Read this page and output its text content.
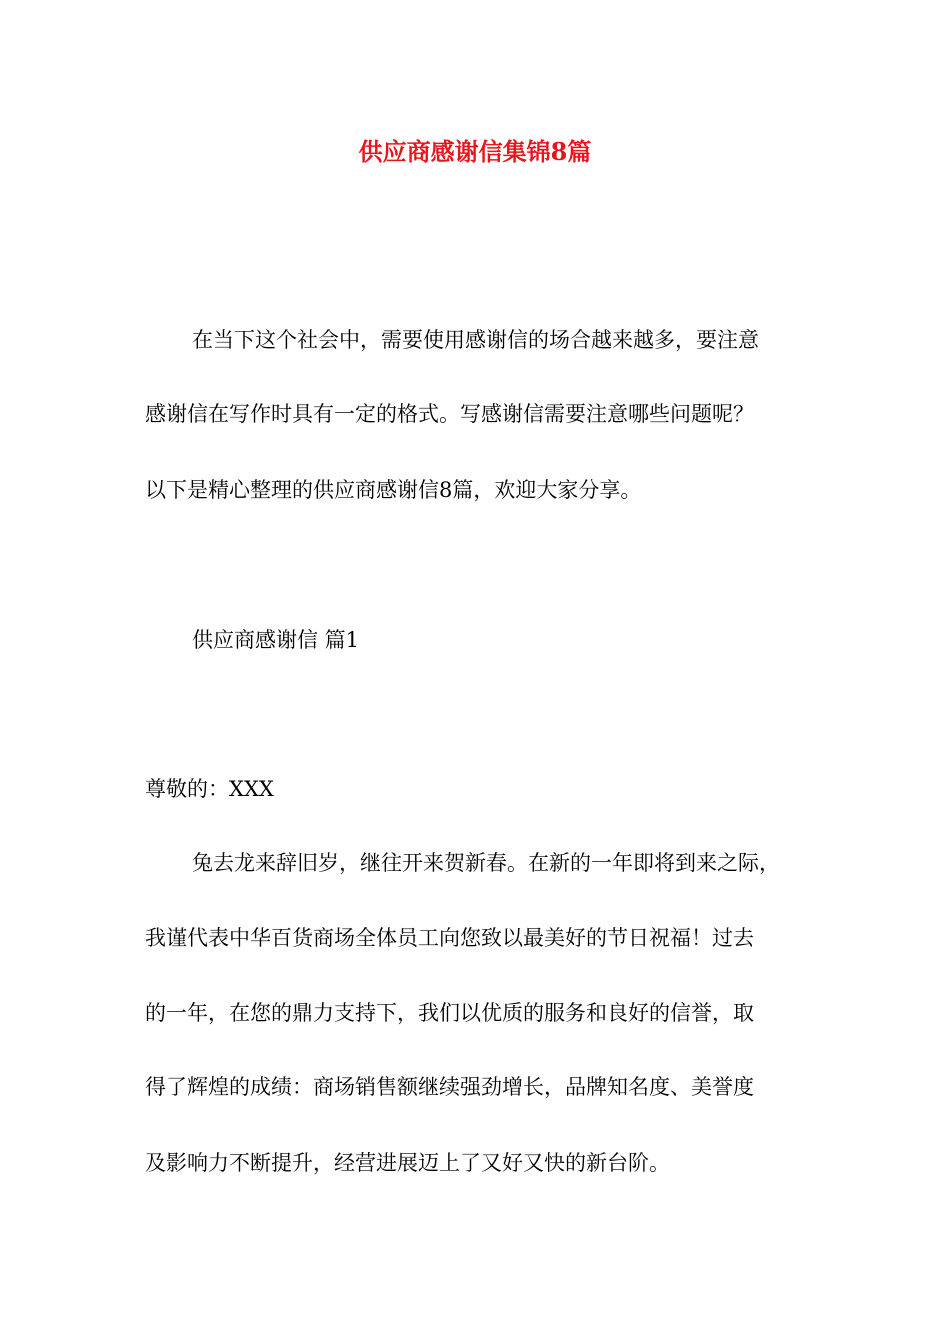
供应商感谢信集锦8篇
在当下这个社会中，需要使用感谢信的场合越来越多，要注意
感谢信在写作时具有一定的格式。写感谢信需要注意哪些问题呢？
以下是精心整理的供应商感谢信8篇，欢迎大家分享。
供应商感谢信 篇1
尊敬的：XXX
兔去龙来辞旧岁，继往开来贺新春。在新的一年即将到来之际，
我谨代表中华百货商场全体员工向您致以最美好的节日祝福！过去
的一年，在您的鼎力支持下，我们以优质的服务和良好的信誉，取
得了辉煌的成绩：商场销售额继续强劲增长，品牌知名度、美誉度
及影响力不断提升，经营进展迈上了又好又快的新台阶。
